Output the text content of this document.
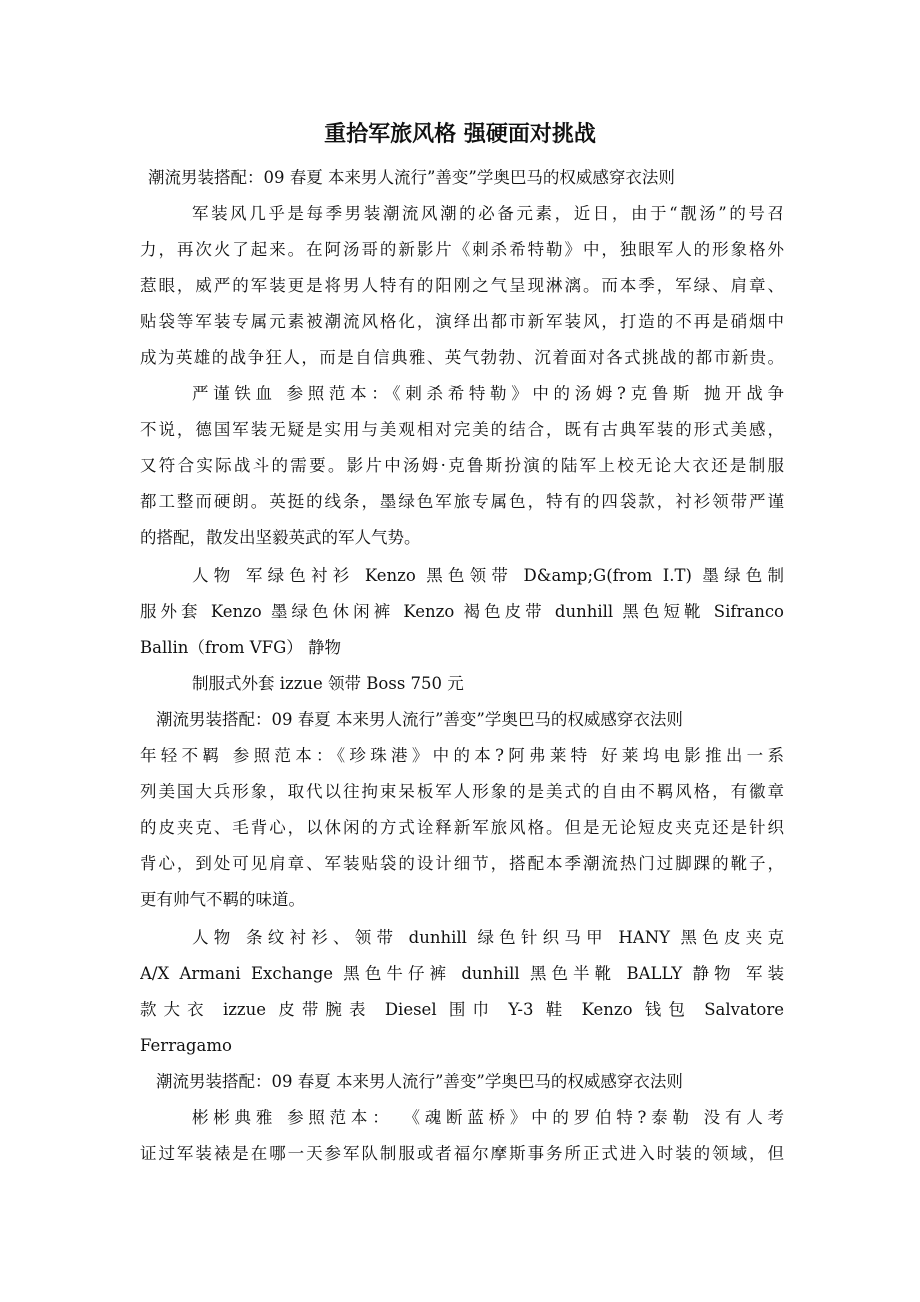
重拾军旅风格 强硬面对挑战
潮流男装搭配：09 春夏 本来男人流行”善变”学奥巴马的权威感穿衣法则
军装风几乎是每季男装潮流风潮的必备元素，近日，由于“靓汤”的号召
力，再次火了起来。在阿汤哥的新影片《刺杀希特勒》中，独眼军人的形象格外
惹眼，威严的军装更是将男人特有的阳刚之气呈现淋漓。而本季，军绿、肩章、
贴袋等军装专属元素被潮流风格化，演绎出都市新军装风，打造的不再是硝烟中
成为英雄的战争狂人，而是自信典雅、英气勃勃、沉着面对各式挑战的都市新贵。
严谨铁血 参照范本：《刺杀希特勒》中的汤姆?克鲁斯 抛开战争
不说，德国军装无疑是实用与美观相对完美的结合，既有古典军装的形式美感，
又符合实际战斗的需要。影片中汤姆·克鲁斯扮演的陆军上校无论大衣还是制服
都工整而硬朗。英挺的线条，墨绿色军旅专属色，特有的四袋款，衬衫领带严谨
的搭配，散发出坚毅英武的军人气势。
人物 军绿色衬衫 Kenzo 黑色领带 D&amp;G(from I.T) 墨绿色制
服外套 Kenzo 墨绿色休闲裤 Kenzo 褐色皮带 dunhill 黑色短靴 Sifranco
Ballin（from VFG） 静物
制服式外套 izzue 领带 Boss 750 元
潮流男装搭配：09 春夏 本来男人流行”善变”学奥巴马的权威感穿衣法则
年轻不羁 参照范本：《珍珠港》中的本?阿弗莱特 好莱坞电影推出一系
列美国大兵形象，取代以往拘束呆板军人形象的是美式的自由不羁风格，有徽章
的皮夹克、毛背心，以休闲的方式诠释新军旅风格。但是无论短皮夹克还是针织
背心，到处可见肩章、军装贴袋的设计细节，搭配本季潮流热门过脚踝的靴子，
更有帅气不羁的味道。
人物 条纹衬衫、领带 dunhill 绿色针织马甲 HANY 黑色皮夹克
A/X Armani Exchange 黑色牛仔裤 dunhill 黑色半靴 BALLY 静物 军装
款大衣 izzue 皮带腕表 Diesel 围巾 Y-3 鞋 Kenzo 钱包 Salvatore
Ferragamo
潮流男装搭配：09 春夏 本来男人流行”善变”学奥巴马的权威感穿衣法则
彬彬典雅 参照范本： 《魂断蓝桥》中的罗伯特?泰勒 没有人考
证过军装裱是在哪一天参军队制服或者福尔摩斯事务所正式进入时装的领域，但
